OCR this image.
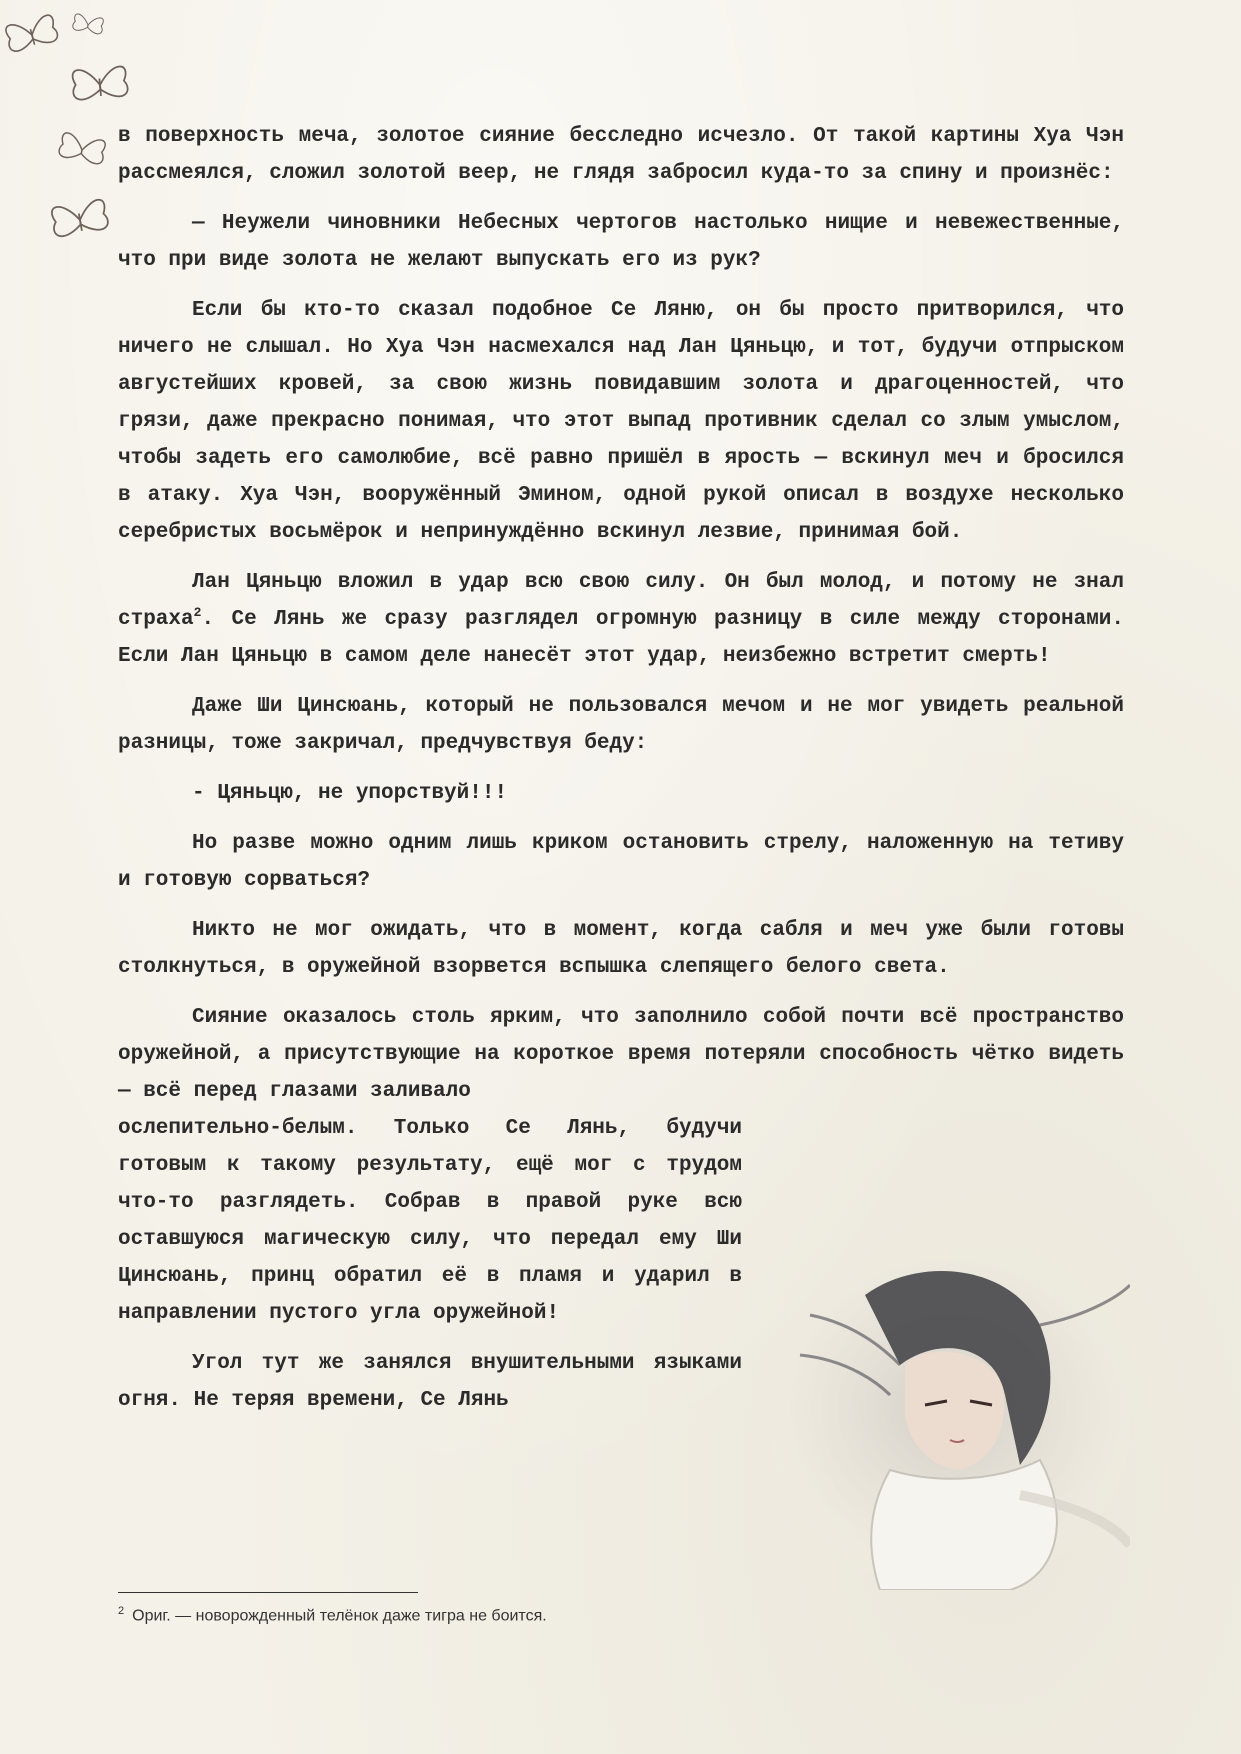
в поверхность меча, золотое сияние бесследно исчезло. От такой картины Хуа Чэн рассмеялся, сложил золотой веер, не глядя забросил куда-то за спину и произнёс:

— Неужели чиновники Небесных чертогов настолько нищие и невежественные, что при виде золота не желают выпускать его из рук?

Если бы кто-то сказал подобное Се Ляню, он бы просто притворился, что ничего не слышал. Но Хуа Чэн насмехался над Лан Цяньцю, и тот, будучи отпрыском августейших кровей, за свою жизнь повидавшим золота и драгоценностей, что грязи, даже прекрасно понимая, что этот выпад противник сделал со злым умыслом, чтобы задеть его самолюбие, всё равно пришёл в ярость — вскинул меч и бросился в атаку. Хуа Чэн, вооружённый Эмином, одной рукой описал в воздухе несколько серебристых восьмёрок и непринуждённо вскинул лезвие, принимая бой.

Лан Цяньцю вложил в удар всю свою силу. Он был молод, и потому не знал страха$^2$. Се Лянь же сразу разглядел огромную разницу в силе между сторонами. Если Лан Цяньцю в самом деле нанесёт этот удар, неизбежно встретит смерть!

Даже Ши Цинсюань, который не пользовался мечом и не мог увидеть реальной разницы, тоже закричал, предчувствуя беду:

- Цяньцю, не упорствуй!!!

Но разве можно одним лишь криком остановить стрелу, наложенную на тетиву и готовую сорваться?

Никто не мог ожидать, что в момент, когда сабля и меч уже были готовы столкнуться, в оружейной взорвется вспышка слепящего белого света.

Сияние оказалось столь ярким, что заполнило собой почти всё пространство оружейной, а присутствующие на короткое время потеряли способность чётко видеть — всё перед глазами заливало

ослепительно-белым. Только Се Лянь, будучи готовым к такому результату, ещё мог с трудом что-то разглядеть. Собрав в правой руке всю оставшуюся магическую силу, что передал ему Ши Цинсюань, принц обратил её в пламя и ударил в направлении пустого угла оружейной!

Угол тут же занялся внушительными языками огня. Не теряя времени, Се Лянь

$^2$ Ориг. — новорожденный телёнок даже тигра не боится.
